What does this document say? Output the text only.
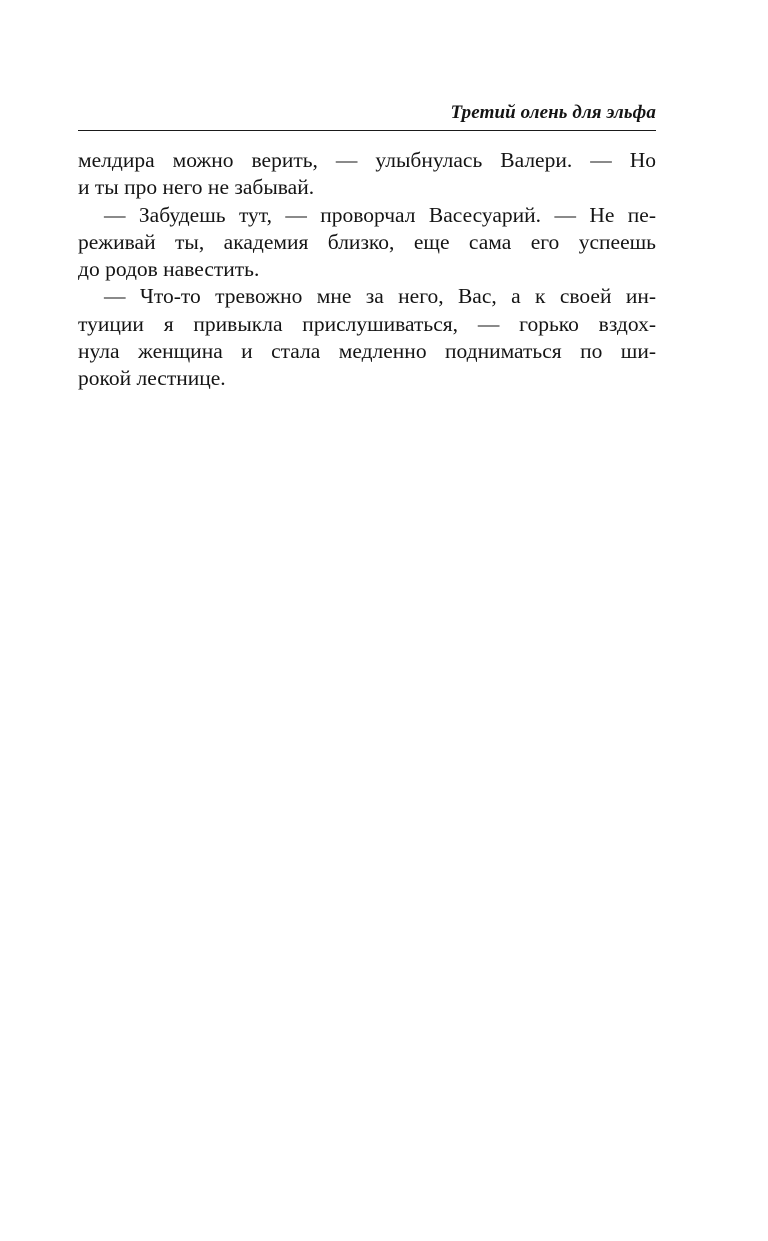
Третий олень для эльфа
мелдира можно верить, — улыбнулась Валери. — Но
и ты про него не забывай.
— Забудешь тут, — проворчал Васесуарий. — Не пе-
реживай ты, академия близко, еще сама его успеешь
до родов навестить.
— Что-то тревожно мне за него, Вас, а к своей ин-
туиции я привыкла прислушиваться, — горько вздох-
нула женщина и стала медленно подниматься по ши-
рокой лестнице.
